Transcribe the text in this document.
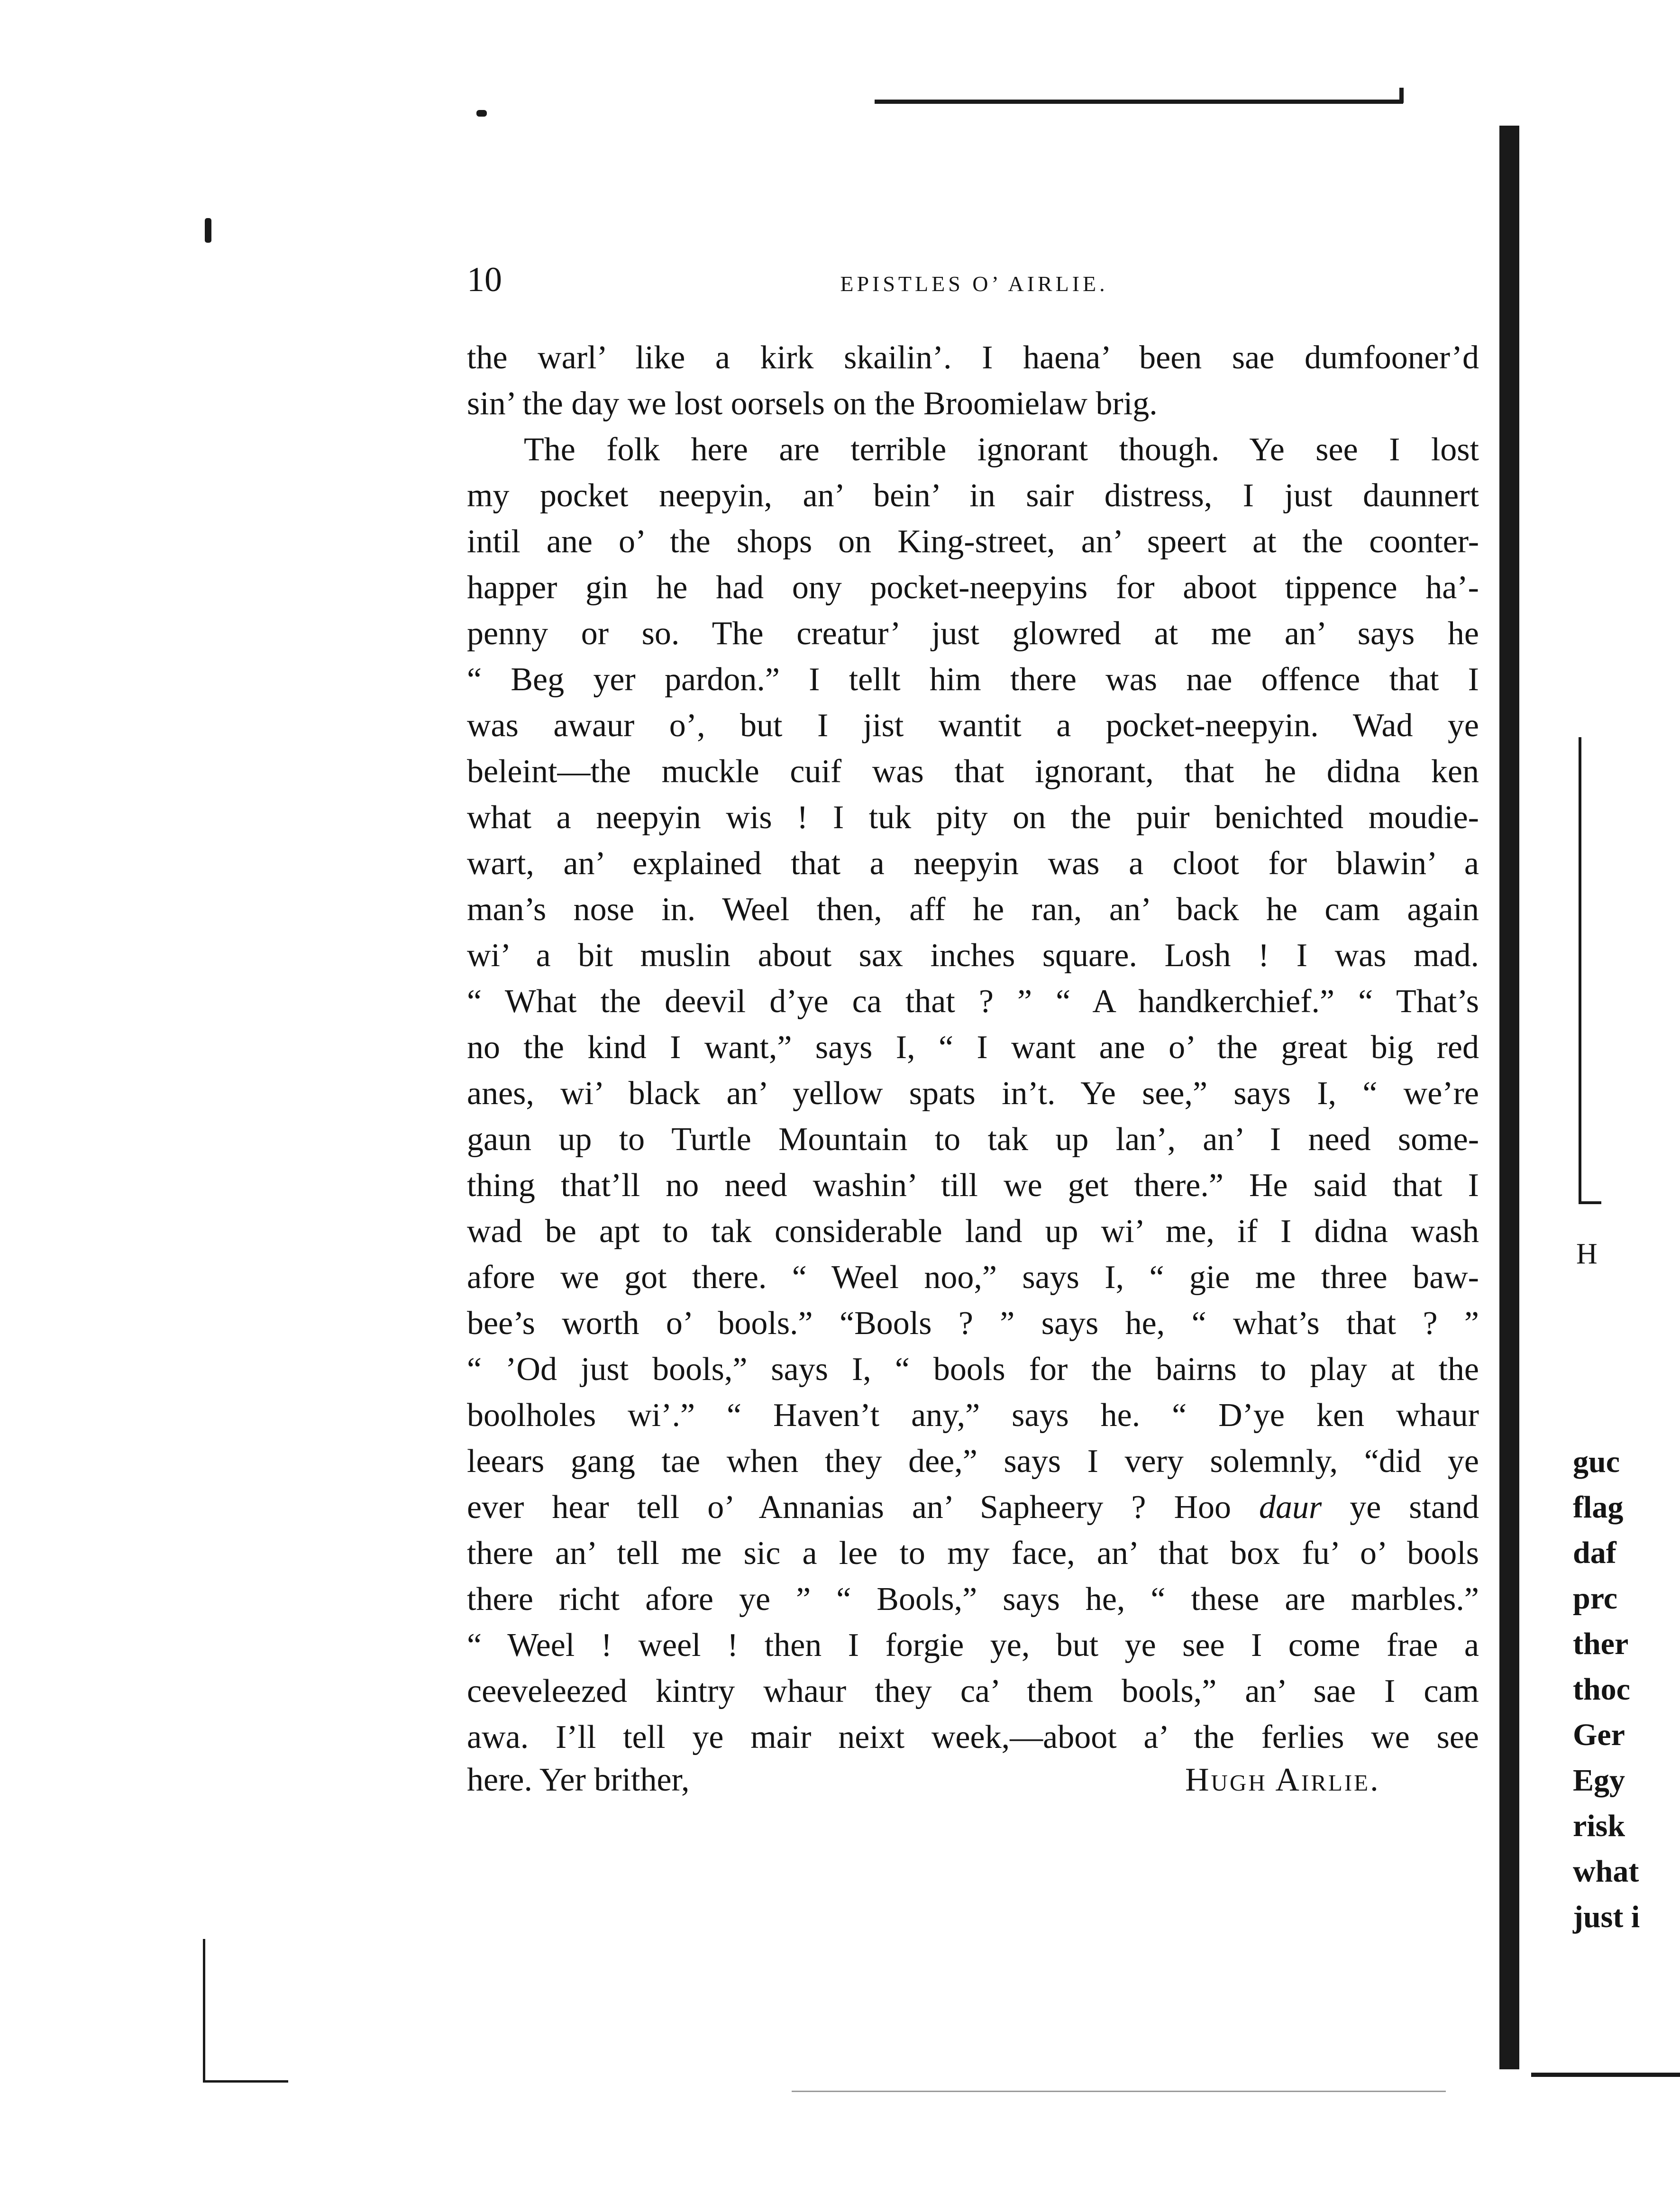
10	EPISTLES O’ AIRLIE.
the warl’ like a kirk skailin’. I haena’ been sae dumfooner’d
sin’ the day we lost oorsels on the Broomielaw brig.
The folk here are terrible ignorant though. Ye see I lost
my pocket neepyin, an’ bein’ in sair distress, I just daunnert
intil ane o’ the shops on King-street, an’ speert at the coonter-
happer gin he had ony pocket-neepyins for aboot tippence ha’-
penny or so. The creatur’ just glowred at me an’ says he
“ Beg yer pardon.” I tellt him there was nae offence that I
was awaur o’, but I jist wantit a pocket-neepyin. Wad ye
beleint—the muckle cuif was that ignorant, that he didna ken
what a neepyin wis ! I tuk pity on the puir benichted moudie-
wart, an’ explained that a neepyin was a cloot for blawin’ a
man’s nose in. Weel then, aff he ran, an’ back he cam again
wi’ a bit muslin about sax inches square. Losh ! I was mad.
“ What the deevil d’ye ca that ? ” “ A handkerchief.” “ That’s
no the kind I want,” says I, “ I want ane o’ the great big red
anes, wi’ black an’ yellow spats in’t. Ye see,” says I, “ we’re
gaun up to Turtle Mountain to tak up lan’, an’ I need some-
thing that’ll no need washin’ till we get there.” He said that I
wad be apt to tak considerable land up wi’ me, if I didna wash
afore we got there. “ Weel noo,” says I, “ gie me three baw-
bee’s worth o’ bools.” “Bools ? ” says he, “ what’s that ? ”
“ ’Od just bools,” says I, “ bools for the bairns to play at the
boolholes wi’.” “ Haven’t any,” says he. “ D’ye ken whaur
leears gang tae when they dee,” says I very solemnly, “did ye
ever hear tell o’ Annanias an’ Sapheery ? Hoo daur ye stand
there an’ tell me sic a lee to my face, an’ that box fu’ o’ bools
there richt afore ye ” “ Bools,” says he, “ these are marbles.”
“ Weel ! weel ! then I forgie ye, but ye see I come frae a
ceeveleezed kintry whaur they ca’ them bools,” an’ sae I cam
awa. I’ll tell ye mair neixt week,—aboot a’ the ferlies we see
here. Yer brither,	Hugh Airlie.
H
guc
flag
daf
prc
ther
thoc
Ger
Egy
risk
what
just i
